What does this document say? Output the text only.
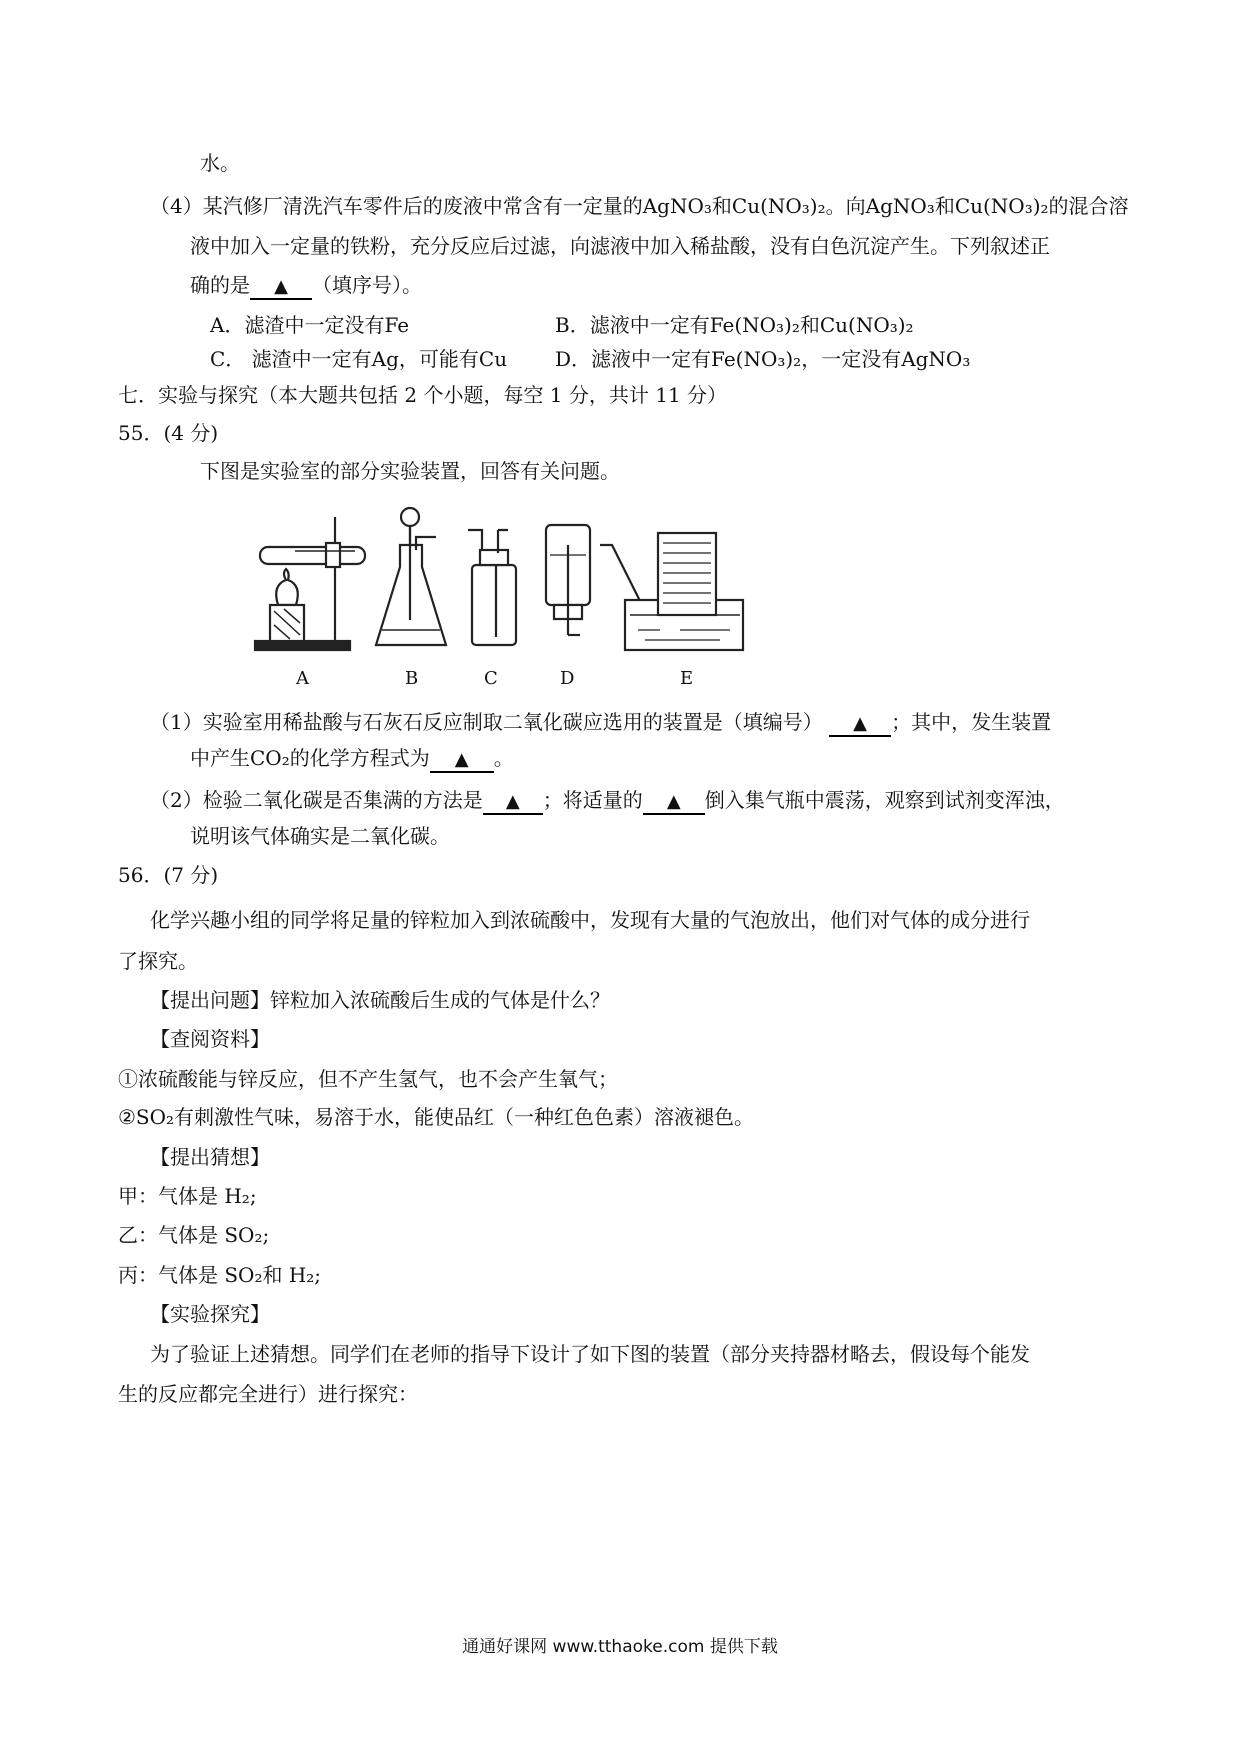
水。
（4）某汽修厂清洗汽车零件后的废液中常含有一定量的AgNO₃和Cu(NO₃)₂。向AgNO₃和Cu(NO₃)₂的混合溶
液中加入一定量的铁粉，充分反应后过滤，向滤液中加入稀盐酸，没有白色沉淀产生。下列叙述正
确的是 ▲ （填序号）。
A．滤渣中一定没有Fe	B．滤液中一定有Fe(NO₃)₂和Cu(NO₃)₂
C． 滤渣中一定有Ag，可能有Cu D．滤液中一定有Fe(NO₃)₂，一定没有AgNO₃
七．实验与探究（本大题共包括 2 个小题，每空 1 分，共计 11 分）
55．(4 分)
下图是实验室的部分实验装置，回答有关问题。
A	B	C	D	E
（1）实验室用稀盐酸与石灰石反应制取二氧化碳应选用的装置是（填编号） ▲ ；其中，发生装置
中产生CO₂的化学方程式为 ▲ 。
（2）检验二氧化碳是否集满的方法是 ▲ ；将适量的 ▲ 倒入集气瓶中震荡，观察到试剂变浑浊，
说明该气体确实是二氧化碳。
56．(7 分)
化学兴趣小组的同学将足量的锌粒加入到浓硫酸中，发现有大量的气泡放出，他们对气体的成分进行
了探究。
【提出问题】锌粒加入浓硫酸后生成的气体是什么？
【查阅资料】
①浓硫酸能与锌反应，但不产生氢气，也不会产生氧气；
②SO₂有刺激性气味，易溶于水，能使品红（一种红色色素）溶液褪色。
【提出猜想】
甲：气体是 H₂;
乙：气体是 SO₂;
丙：气体是 SO₂和 H₂;
【实验探究】
为了验证上述猜想。同学们在老师的指导下设计了如下图的装置（部分夹持器材略去，假设每个能发
生的反应都完全进行）进行探究：
通通好课网 www.tthaoke.com 提供下载
